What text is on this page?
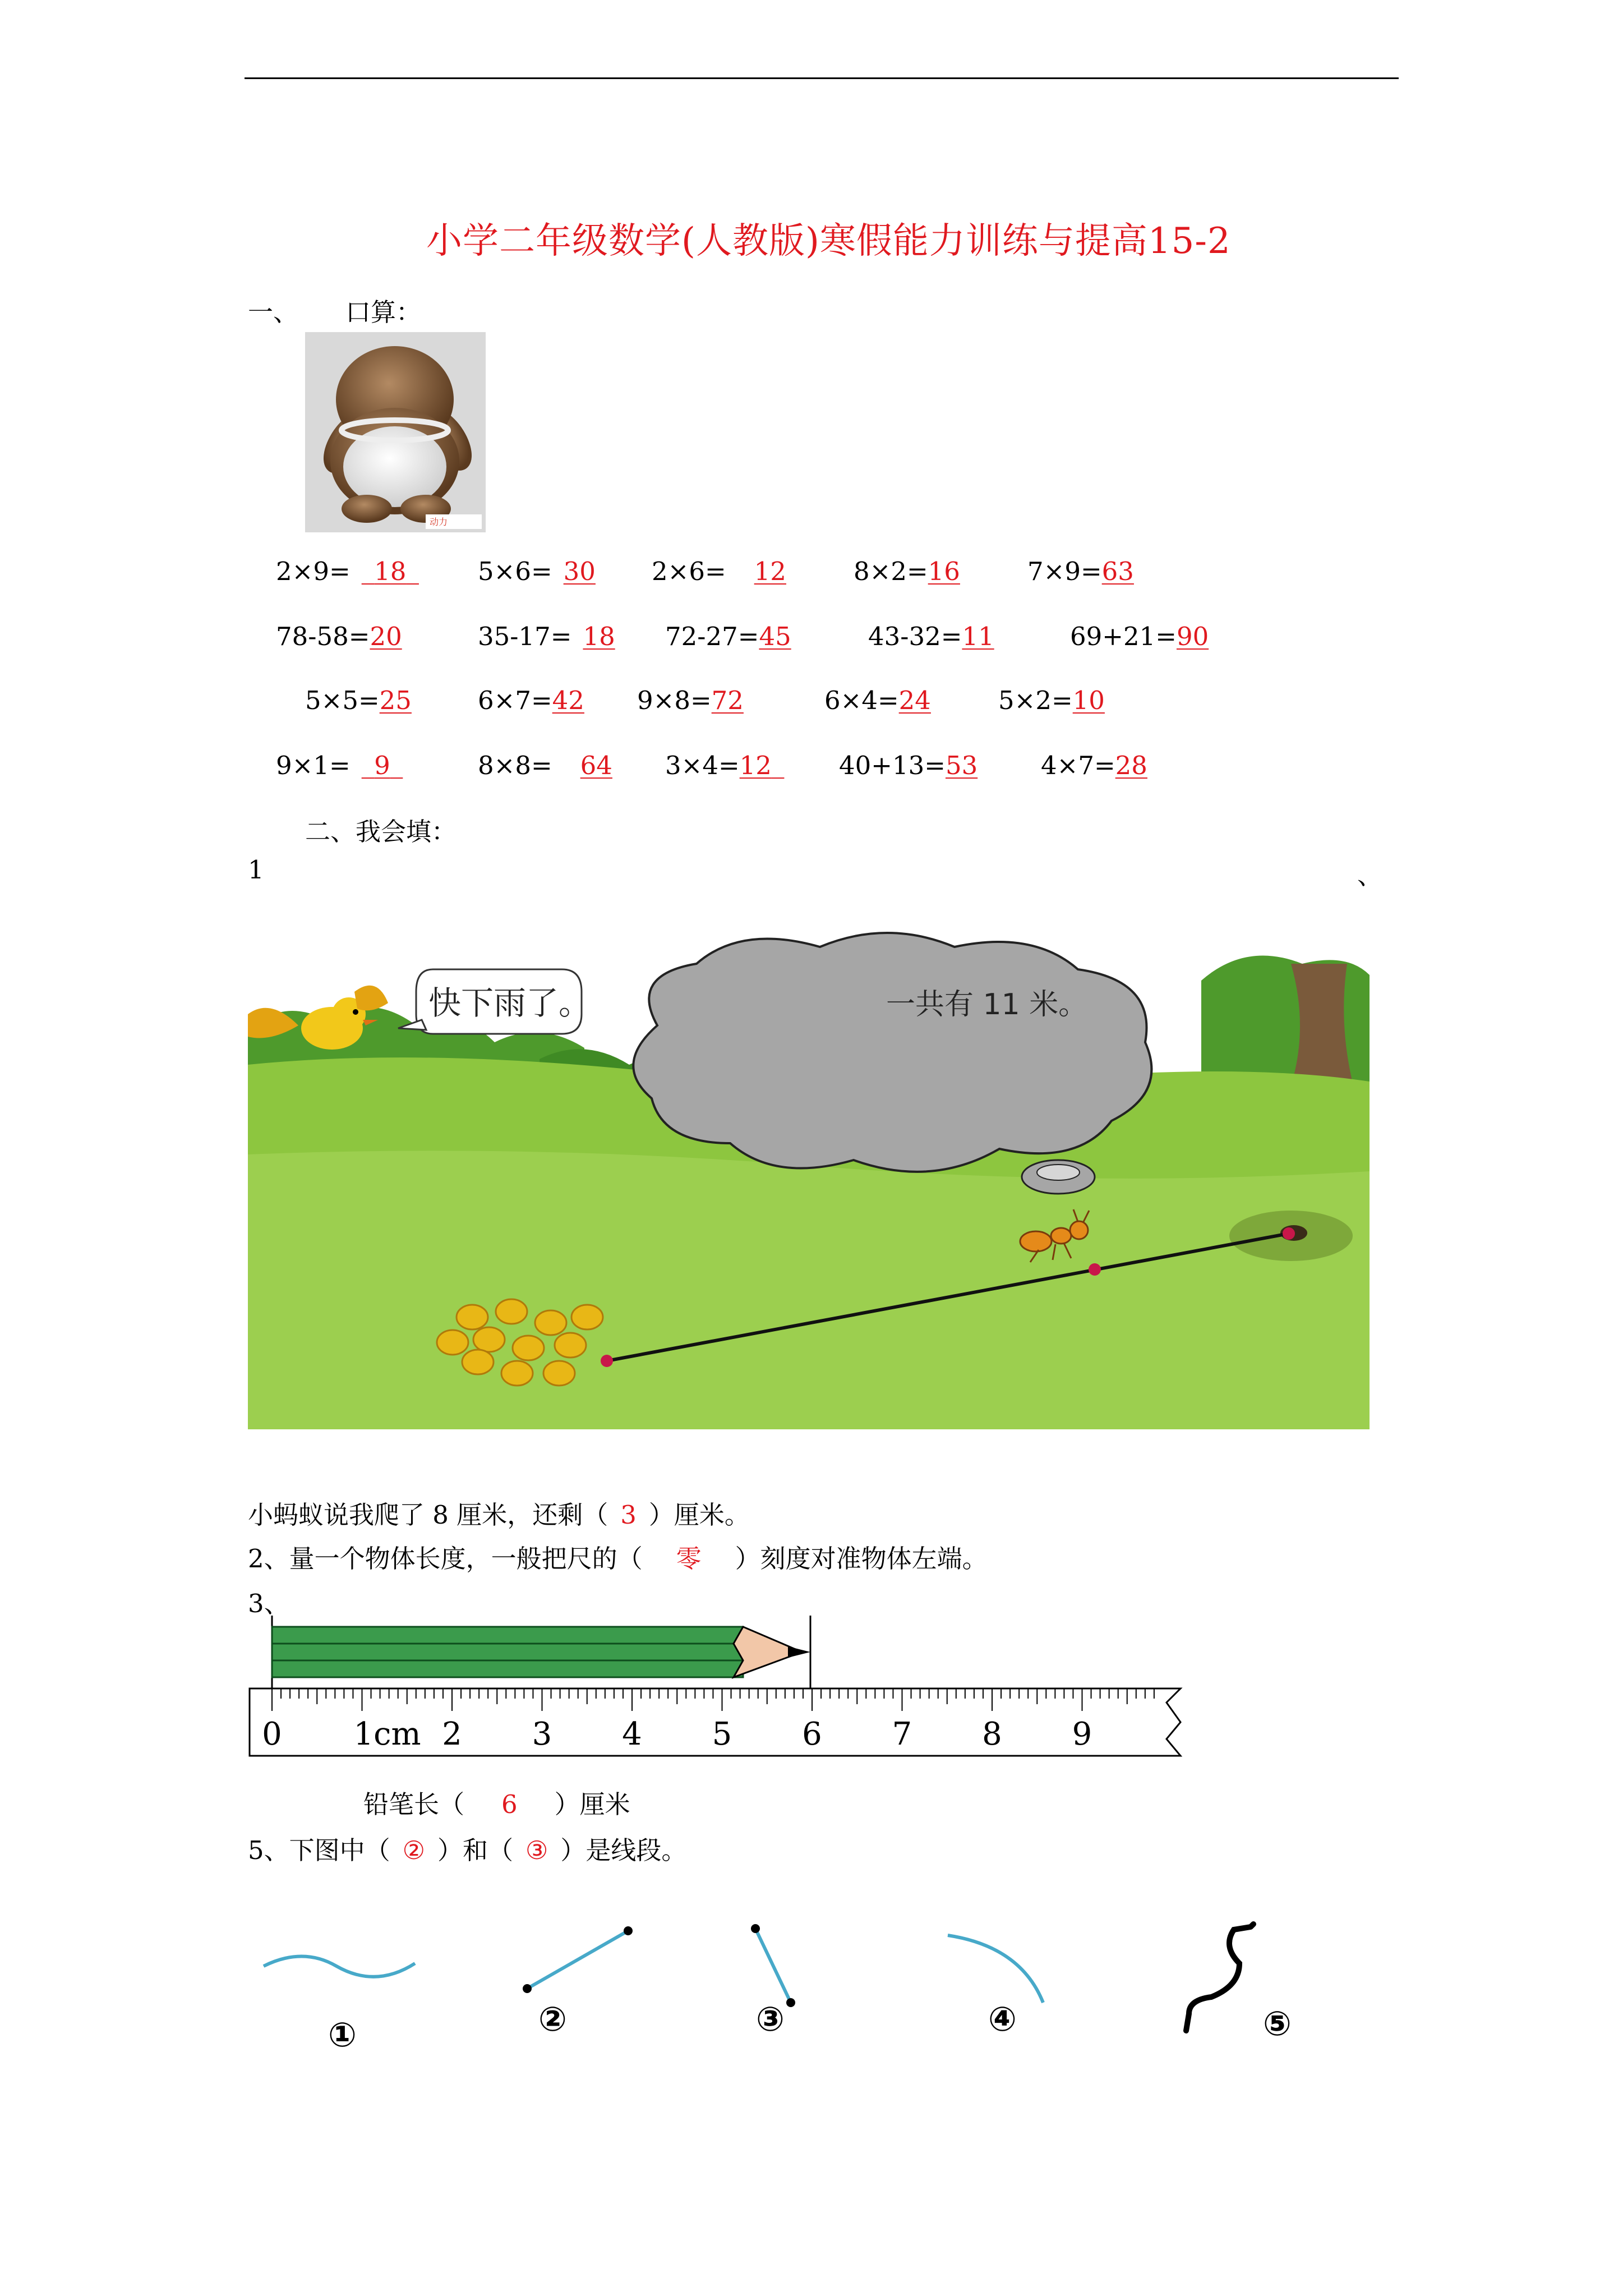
小学二年级数学(人教版)寒假能力训练与提高15-2
一、 口算：
动力
2×9=  18 	5×6= 30 2×6= 12	8×2=16	7×9=63
78-58=20	35-17= 18 72-27=45	43-32=11	69+21=90
5×5=25	6×7=42 9×8=72	6×4=24	5×2=10
9×1=  9 	8×8= 64 3×4=12 	40+13=53	4×7=28
二、我会填：
1	、
快下雨了。	一共有 11 米。
小蚂蚁说我爬了 8 厘米，还剩（ 3 ）厘米。
2、量一个物体长度，一般把尺的（ 零 ）刻度对准物体左端。
3、
0 1cm 2 3 4 5 6 7 8 9
铅笔长（ 6 ）厘米
5、下图中（ ② ）和（ ③ ）是线段。
①	②	③	④	⑤
